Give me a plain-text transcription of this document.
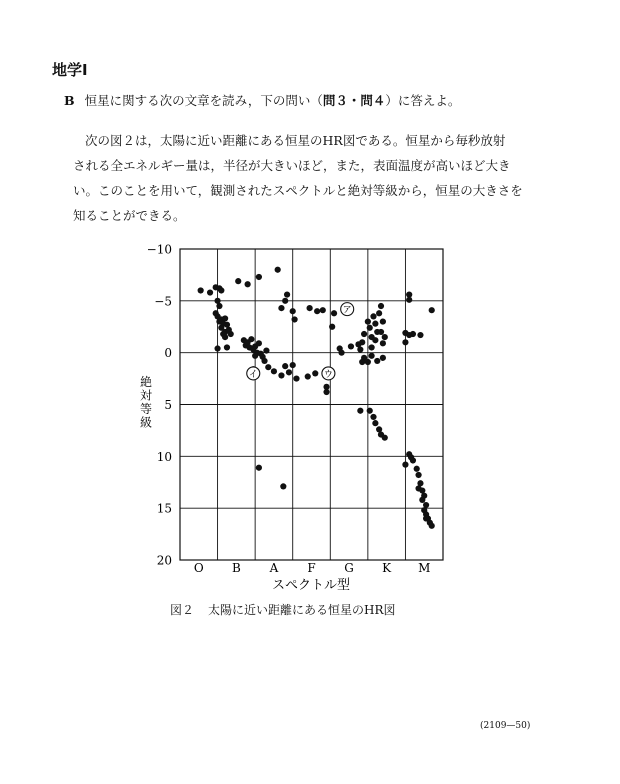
地学Ⅰ
B 恒星に関する次の文章を読み，下の問い（問３・問４）に答えよ。
次の図２は，太陽に近い距離にある恒星のHR図である。恒星から毎秒放射
される全エネルギー量は，半径が大きいほど，また，表面温度が高いほど大き
い。このことを用いて，観測されたスペクトルと絶対等級から，恒星の大きさを
知ることができる。
−10
−5
0
5
10
15
20
O B A F G K M
ア
イ	ウ
スペクトル型
絶
対
等
級
図２ 太陽に近い距離にある恒星のHR図
(2109—50)
